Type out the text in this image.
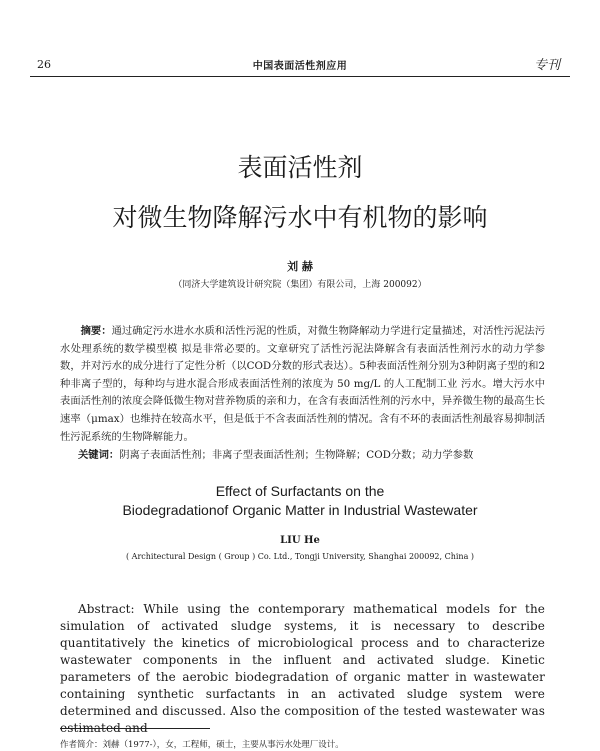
26	中国表面活性剂应用	专刊
表面活性剂
对微生物降解污水中有机物的影响
刘 赫
（同济大学建筑设计研究院（集团）有限公司，上海 200092）
摘要：通过确定污水进水水质和活性污泥的性质，对微生物降解动力学进行定量描述，对活性污泥法污水处理系统的数学模型模 拟是非常必要的。文章研究了活性污泥法降解含有表面活性剂污水的动力学参数，并对污水的成分进行了定性分析（以COD分数的形式表达）。5种表面活性剂分别为3种阴离子型的和2种非离子型的，每种均与进水混合形成表面活性剂的浓度为 50 mg/L 的人工配制工业 污水。增大污水中表面活性剂的浓度会降低微生物对营养物质的亲和力，在含有表面活性剂的污水中，异养微生物的最高生长速率（μmax）也维持在较高水平，但是低于不含表面活性剂的情况。含有不环的表面活性剂最容易抑制活性污泥系统的生物降解能力。
关键词：阴离子表面活性剂；非离子型表面活性剂；生物降解；COD分数；动力学参数
Effect of Surfactants on the
Biodegradationof Organic Matter in Industrial Wastewater
LIU He
( Architectural Design ( Group ) Co. Ltd., Tongji University, Shanghai 200092, China )
Abstract: While using the contemporary mathematical models for the simulation of activated sludge systems, it is necessary to describe quantitatively the kinetics of microbiological process and to characterize wastewater components in the influent and activated sludge. Kinetic parameters of the aerobic biodegradation of organic matter in wastewater containing synthetic surfactants in an activated sludge system were determined and discussed. Also the composition of the tested wastewater was estimated and
作者简介：刘赫（1977-），女，工程师，硕士，主要从事污水处理厂设计。
